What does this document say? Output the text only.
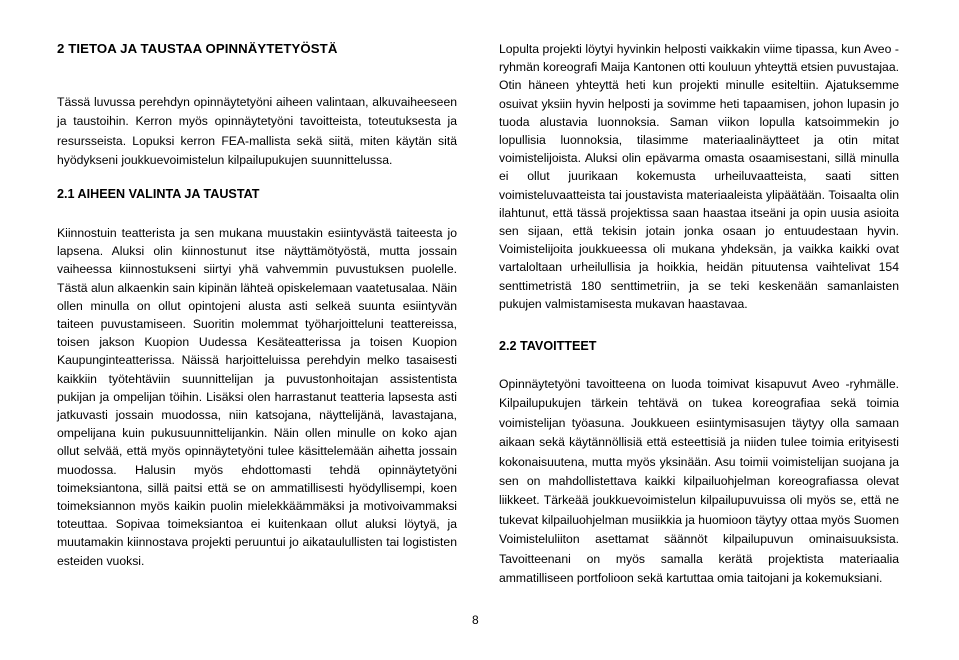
2 TIETOA JA TAUSTAA OPINNÄYTETYÖSTÄ

Tässä luvussa perehdyn opinnäytetyöni aiheen valintaan, alkuvaiheeseen ja taustoihin. Kerron myös opinnäytetyöni tavoitteista, toteutuksesta ja resursseista. Lopuksi kerron FEA-mallista sekä siitä, miten käytän sitä hyödykseni joukkuevoimistelun kilpailupukujen suunnittelussa.

2.1 AIHEEN VALINTA JA TAUSTAT

Kiinnostuin teatterista ja sen mukana muustakin esiintyvästä taiteesta jo lapsena. Aluksi olin kiinnostunut itse näyttämötyöstä, mutta jossain vaiheessa kiinnostukseni siirtyi yhä vahvemmin puvustuksen puolelle. Tästä alun alkaenkin sain kipinän lähteä opiskelemaan vaatetusalaa. Näin ollen minulla on ollut opintojeni alusta asti selkeä suunta esiintyvän taiteen puvustamiseen. Suoritin molemmat työharjoitteluni teattereissa, toisen jakson Kuopion Uudessa Kesäteatterissa ja toisen Kuopion Kaupunginteatterissa. Näissä harjoitteluissa perehdyin melko tasaisesti kaikkiin työtehtäviin suunnittelijan ja puvustonhoitajan assistentista pukijan ja ompelijan töihin. Lisäksi olen harrastanut teatteria lapsesta asti jatkuvasti jossain muodossa, niin katsojana, näyttelijänä, lavastajana, ompelijana kuin pukusuunnittelijankin. Näin ollen minulle on koko ajan ollut selvää, että myös opinnäytetyöni tulee käsittelemään aihetta jossain muodossa. Halusin myös ehdottomasti tehdä opinnäytetyöni toimeksiantona, sillä paitsi että se on ammatillisesti hyödyllisempi, koen toimeksiannon myös kaikin puolin mielekkäämmäksi ja motivoivammaksi toteuttaa. Sopivaa toimeksiantoa ei kuitenkaan ollut aluksi löytyä, ja muutamakin kiinnostava projekti peruuntui jo aikataulullisten tai logististen esteiden vuoksi.

Lopulta projekti löytyi hyvinkin helposti vaikkakin viime tipassa, kun Aveo -ryhmän koreografi Maija Kantonen otti kouluun yhteyttä etsien puvustajaa. Otin häneen yhteyttä heti kun projekti minulle esiteltiin. Ajatuksemme osuivat yksiin hyvin helposti ja sovimme heti tapaamisen, johon lupasin jo tuoda alustavia luonnoksia. Saman viikon lopulla katsoimmekin jo lopullisia luonnoksia, tilasimme materiaalinäytteet ja otin mitat voimistelijoista. Aluksi olin epävarma omasta osaamisestani, sillä minulla ei ollut juurikaan kokemusta urheiluvaatteista, saati sitten voimisteluvaatteista tai joustavista materiaaleista ylipäätään. Toisaalta olin ilahtunut, että tässä projektissa saan haastaa itseäni ja opin uusia asioita sen sijaan, että tekisin jotain jonka osaan jo entuudestaan hyvin. Voimistelijoita joukkueessa oli mukana yhdeksän, ja vaikka kaikki ovat vartaloltaan urheilullisia ja hoikkia, heidän pituutensa vaihtelivat 154 senttimetristä 180 senttimetriin, ja se teki keskenään samanlaisten pukujen valmistamisesta mukavan haastavaa.

2.2 TAVOITTEET

Opinnäytetyöni tavoitteena on luoda toimivat kisapuvut Aveo -ryhmälle. Kilpailupukujen tärkein tehtävä on tukea koreografiaa sekä toimia voimistelijan työasuna. Joukkueen esiintymisasujen täytyy olla samaan aikaan sekä käytännöllisiä että esteettisiä ja niiden tulee toimia erityisesti kokonaisuutena, mutta myös yksinään. Asu toimii voimistelijan suojana ja sen on mahdollistettava kaikki kilpailuohjelman koreografiassa olevat liikkeet. Tärkeää joukkuevoimistelun kilpailupuvuissa oli myös se, että ne tukevat kilpailuohjelman musiikkia ja huomioon täytyy ottaa myös Suomen Voimisteluliiton asettamat säännöt kilpailupuvun ominaisuuksista. Tavoitteenani on myös samalla kerätä projektista materiaalia ammatilliseen portfolioon sekä kartuttaa omia taitojani ja kokemuksiani.

8
